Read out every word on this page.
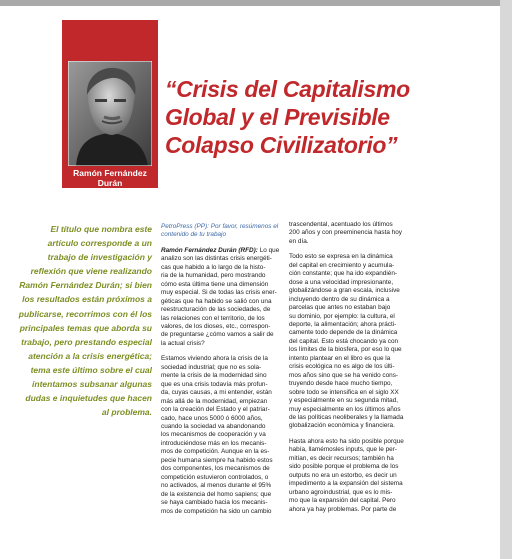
Ramón Fernández
Durán
“Crisis del Capitalismo
Global y el Previsible
Colapso Civilizatorio”
El título que nombra este
artículo corresponde a un
trabajo de investigación y
reflexión que viene realizando
Ramón Fernández Durán; si bien
los resultados están próximos a
publicarse, recorrimos con él los
principales temas que aborda su
trabajo, pero prestando especial
atención a la crisis energética;
tema este último sobre el cual
intentamos subsanar algunas
dudas e inquietudes que hacen
al problema.

PetroPress (PP): Por favor, resúmenos el
contenido de tu trabajo

Ramón Fernández Durán (RFD): Lo que
analizo son las distintas crisis energéti-
cas que habido a lo largo de la histo-
ria de la humanidad, pero mostrando
cómo esta última tiene una dimensión
muy especial. Si de todas las crisis ener-
géticas que ha habido se salió con una
reestructuración de las sociedades, de
las relaciones con el territorio, de los
valores, de los dioses, etc., correspon-
de preguntarse ¿cómo vamos a salir de
la actual crisis?

Estamos viviendo ahora la crisis de la
sociedad industrial; que no es sola-
mente la crisis de la modernidad sino
que es una crisis todavía más profun-
da, cuyas causas, a mi entender, están
más allá de la modernidad, empiezan
con la creación del Estado y el patriar-
cado, hace unos 5000 ó 6000 años,
cuando la sociedad va abandonando
los mecanismos de cooperación y va
introduciéndose más en los mecanis-
mos de competición. Aunque en la es-
pecie humana siempre ha habido estos
dos componentes, los mecanismos de
competición estuvieron controlados, o
no activados, al menos durante el 95%
de la existencia del homo sapiens; que
se haya cambiado hacia los mecanis-
mos de competición ha sido un cambio

trascendental, acentuado los últimos
200 años y con preeminencia hasta hoy
en día.

Todo esto se expresa en la dinámica
del capital en crecimiento y acumula-
ción constante; que ha ido expandién-
dose a una velocidad impresionante,
globalizándose a gran escala, inclusive
incluyendo dentro de su dinámica a
parcelas que antes no estaban bajo
su dominio, por ejemplo: la cultura, el
deporte, la alimentación; ahora prácti-
camente todo depende de la dinámica
del capital. Esto está chocando ya con
los límites de la biosfera, por eso lo que
intento plantear en el libro es que la
crisis ecológica no es algo de los últi-
mos años sino que se ha venido cons-
truyendo desde hace mucho tiempo,
sobre todo se intensifica en el siglo XX
y especialmente en su segunda mitad,
muy especialmente en los últimos años
de las políticas neoliberales y la llamada
globalización económica y financiera.

Hasta ahora esto ha sido posible porque
había, llamémosles inputs, que le per-
mitían, es decir recursos; también ha
sido posible porque el problema de los
outputs no era un estorbo, es decir un
impedimento a la expansión del sistema
urbano agroindustrial, que es lo mis-
mo que la expansión del capital. Pero
ahora ya hay problemas. Por parte de
